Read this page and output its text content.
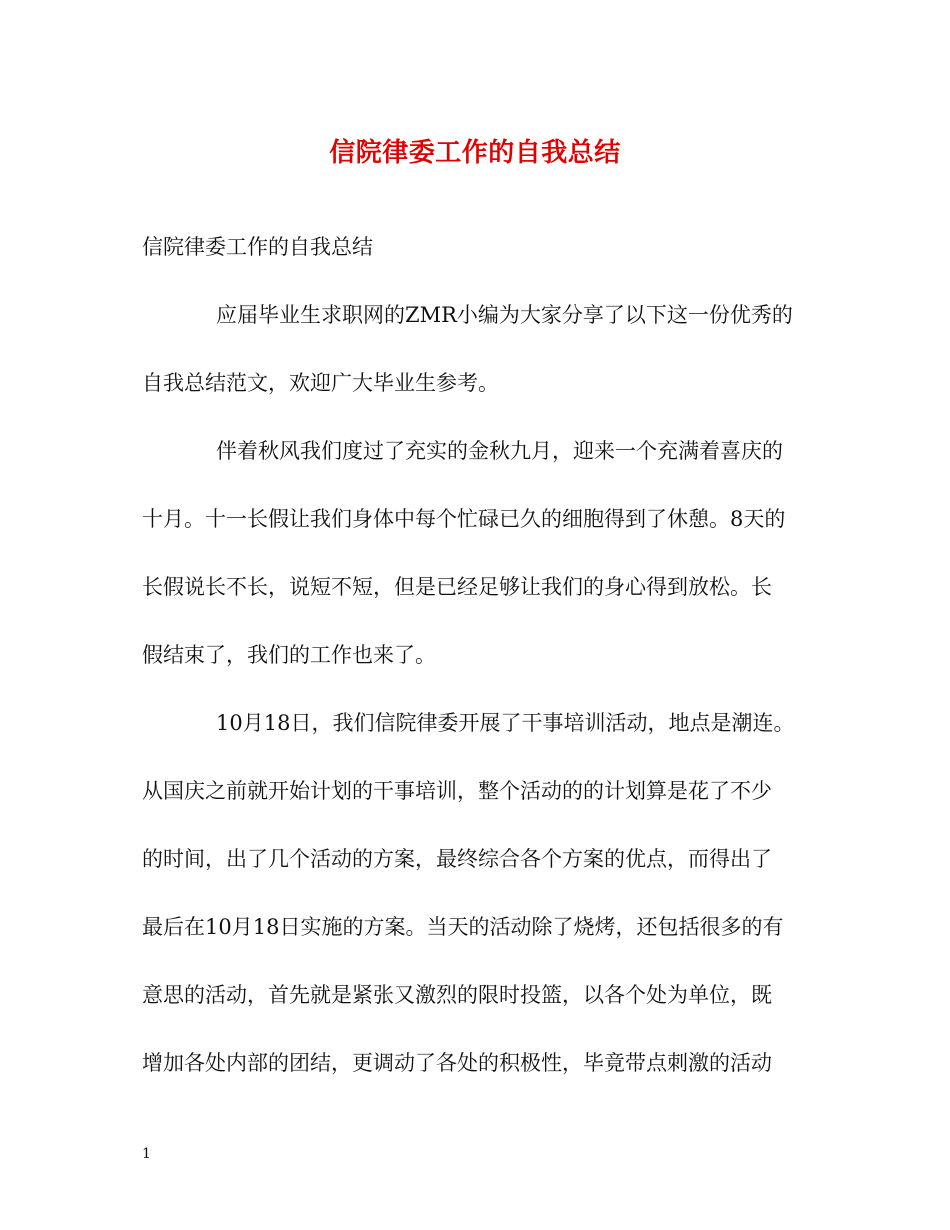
信院律委工作的自我总结
信院律委工作的自我总结
应届毕业生求职网的ZMR小编为大家分享了以下这一份优秀的
自我总结范文，欢迎广大毕业生参考。
伴着秋风我们度过了充实的金秋九月，迎来一个充满着喜庆的
十月。十一长假让我们身体中每个忙碌已久的细胞得到了休憩。8天的
长假说长不长，说短不短，但是已经足够让我们的身心得到放松。长
假结束了，我们的工作也来了。
10月18日，我们信院律委开展了干事培训活动，地点是潮连。
从国庆之前就开始计划的干事培训，整个活动的的计划算是花了不少
的时间，出了几个活动的方案，最终综合各个方案的优点，而得出了
最后在10月18日实施的方案。当天的活动除了烧烤，还包括很多的有
意思的活动，首先就是紧张又激烈的限时投篮，以各个处为单位，既
增加各处内部的团结，更调动了各处的积极性，毕竟带点刺激的活动
1
